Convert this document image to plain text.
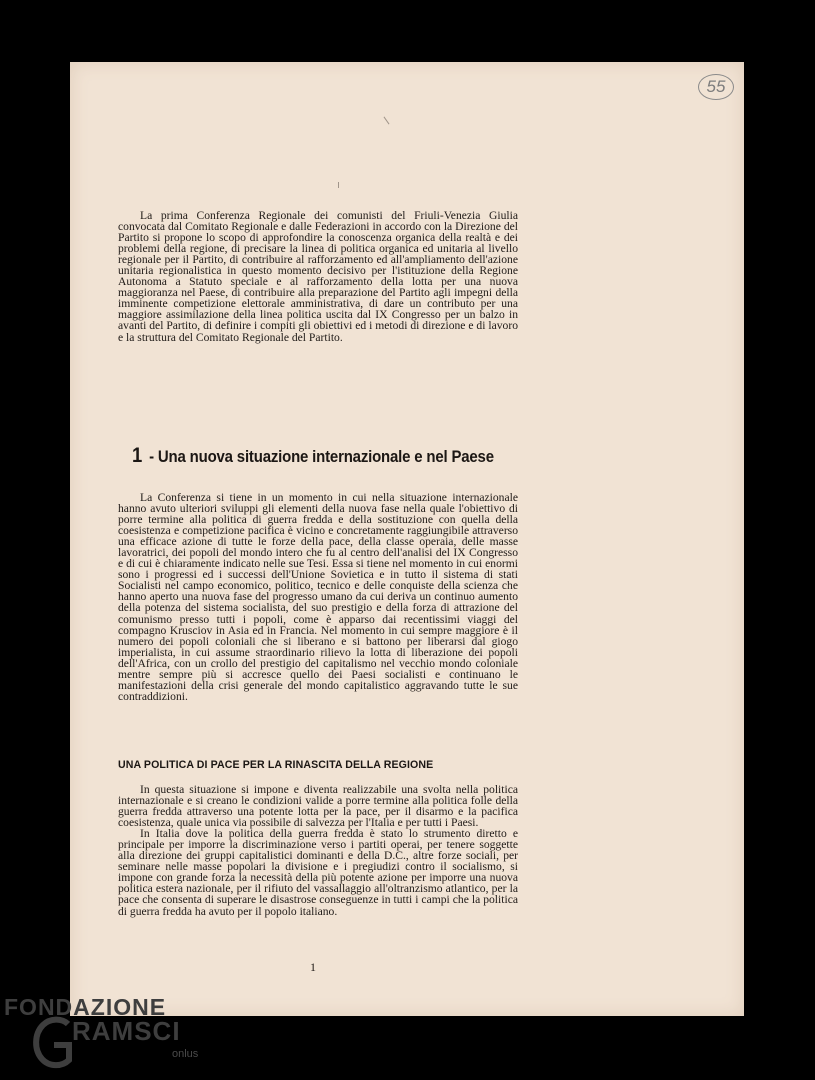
55
La prima Conferenza Regionale dei comunisti del Friuli-Venezia Giulia convocata dal Comitato Regionale e dalle Federazioni in accordo con la Direzione del Partito si propone lo scopo di approfondire la conoscenza organica della realtà e dei problemi della regione, di precisare la linea di politica organica ed unitaria al livello regionale per il Partito, di contribuire al rafforzamento ed all'ampliamento dell'azione unitaria regionalistica in questo momento decisivo per l'istituzione della Regione Autonoma a Statuto speciale e al rafforzamento della lotta per una nuova maggioranza nel Paese, di contribuire alla preparazione del Partito agli impegni della imminente competizione elettorale amministrativa, di dare un contributo per una maggiore assimilazione della linea politica uscita dal IX Congresso per un balzo in avanti del Partito, di definire i compiti gli obiettivi ed i metodi di direzione e di lavoro e la struttura del Comitato Regionale del Partito.
1 - Una nuova situazione internazionale e nel Paese
La Conferenza si tiene in un momento in cui nella situazione internazionale hanno avuto ulteriori sviluppi gli elementi della nuova fase nella quale l'obiettivo di porre termine alla politica di guerra fredda e della sostituzione con quella della coesistenza e competizione pacifica è vicino e concretamente raggiungibile attraverso una efficace azione di tutte le forze della pace, della classe operaia, delle masse lavoratrici, dei popoli del mondo intero che fu al centro dell'analisi del IX Congresso e di cui è chiaramente indicato nelle sue Tesi. Essa si tiene nel momento in cui enormi sono i progressi ed i successi dell'Unione Sovietica e in tutto il sistema di stati Socialisti nel campo economico, politico, tecnico e delle conquiste della scienza che hanno aperto una nuova fase del progresso umano da cui deriva un continuo aumento della potenza del sistema socialista, del suo prestigio e della forza di attrazione del comunismo presso tutti i popoli, come è apparso dai recentissimi viaggi del compagno Krusciov in Asia ed in Francia. Nel momento in cui sempre maggiore è il numero dei popoli coloniali che si liberano e si battono per liberarsi dal giogo imperialista, in cui assume straordinario rilievo la lotta di liberazione dei popoli dell'Africa, con un crollo del prestigio del capitalismo nel vecchio mondo coloniale mentre sempre più si accresce quello dei Paesi socialisti e continuano le manifestazioni della crisi generale del mondo capitalistico aggravando tutte le sue contraddizioni.
UNA POLITICA DI PACE PER LA RINASCITA DELLA REGIONE

In questa situazione si impone e diventa realizzabile una svolta nella politica internazionale e si creano le condizioni valide a porre termine alla politica folle della guerra fredda attraverso una potente lotta per la pace, per il disarmo e la pacifica coesistenza, quale unica via possibile di salvezza per l'Italia e per tutti i Paesi.

In Italia dove la politica della guerra fredda è stato lo strumento diretto e principale per imporre la discriminazione verso i partiti operai, per tenere soggette alla direzione dei gruppi capitalistici dominanti e della D.C., altre forze sociali, per seminare nelle masse popolari la divisione e i pregiudizi contro il socialismo, si impone con grande forza la necessità della più potente azione per imporre una nuova politica estera nazionale, per il rifiuto del vassallaggio all'oltranzismo atlantico, per la pace che consenta di superare le disastrose conseguenze in tutti i campi che la politica di guerra fredda ha avuto per il popolo italiano.

1
FONDAZIONE
RAMSCI
onlus
